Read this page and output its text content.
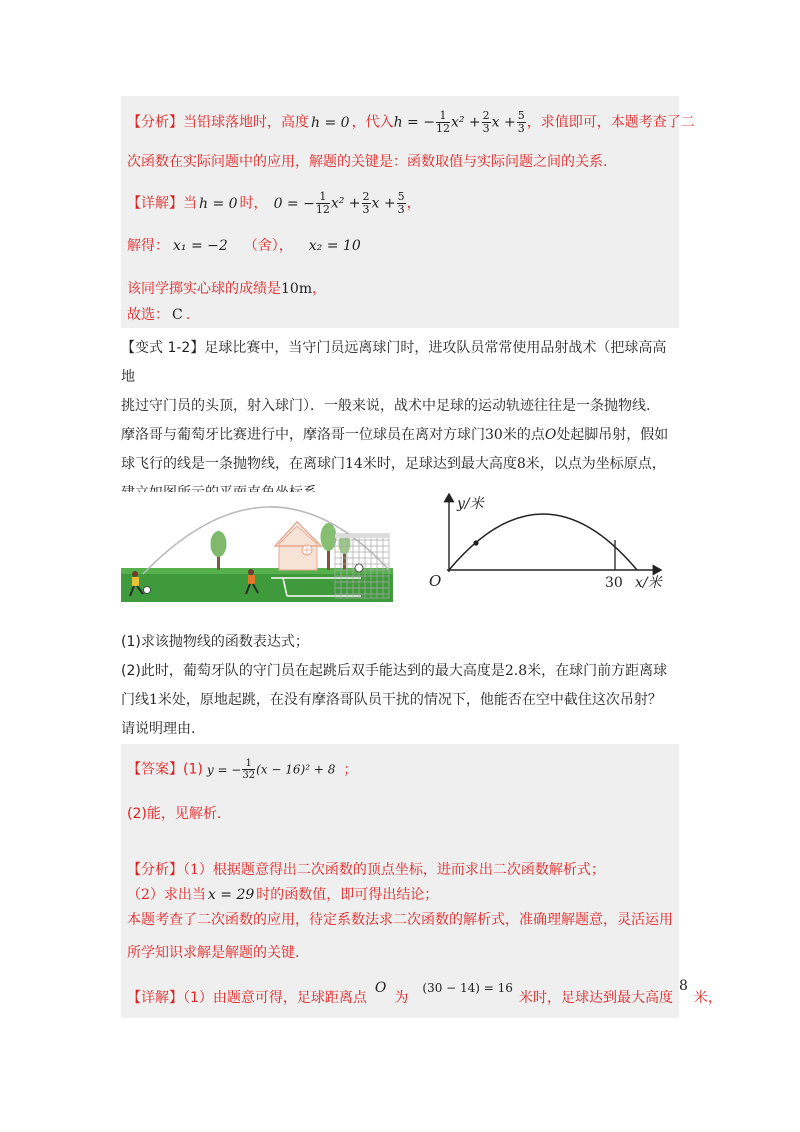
【分析】当铅球落地时，高度 h = 0 ，代入h = − $\frac{1}{12} x^2 + \frac{2}{3}$ $x + \frac{5}{3}$ ，求值即可，本题考查了二
次函数在实际问题中的应用，解题的关键是：函数取值与实际问题之间的关系.
【详解】当 h = 0 时， 0 = − $\frac{1}{12} x^2 + \frac{2}{3}$ $x + \frac{5}{3}$ ，
解得： x₁ = −2 （舍）， x₂ = 10
该同学掷实心球的成绩是10m，
故选： C .
【变式 1-2】足球比赛中，当守门员远离球门时，进攻队员常常使用品射战术（把球高高地
挑过守门员的头顶，射入球门）．一般来说，战术中足球的运动轨迹往往是一条抛物线.
摩洛哥与葡萄牙比赛进行中，摩洛哥一位球员在离对方球门30米的点O处起脚吊射，假如
球飞行的线是一条抛物线，在离球门14米时，足球达到最大高度8米，以点为坐标原点，
y/米
O	30 x/米
(1)求该抛物线的函数表达式；
(2)此时，葡萄牙队的守门员在起跳后双手能达到的最大高度是2.8米，在球门前方距离球
门线1米处，原地起跳，在没有摩洛哥队员干扰的情况下，他能否在空中截住这次吊射？
请说明理由.
【答案】(1) y = − $\frac{1}{32} (x - 16)^2 + 8$ ；
(2)能，见解析.
【分析】（1）根据题意得出二次函数的顶点坐标，进而求出二次函数解析式；
（2）求出当 x = 29 时的函数值，即可得出结论；
本题考查了二次函数的应用，待定系数法求二次函数的解析式，准确理解题意，灵活运用
所学知识求解是解题的关键.
【详解】（1）由题意可得，足球距离点O为(30 − 14) = 16米时，足球达到最大高度8米，
